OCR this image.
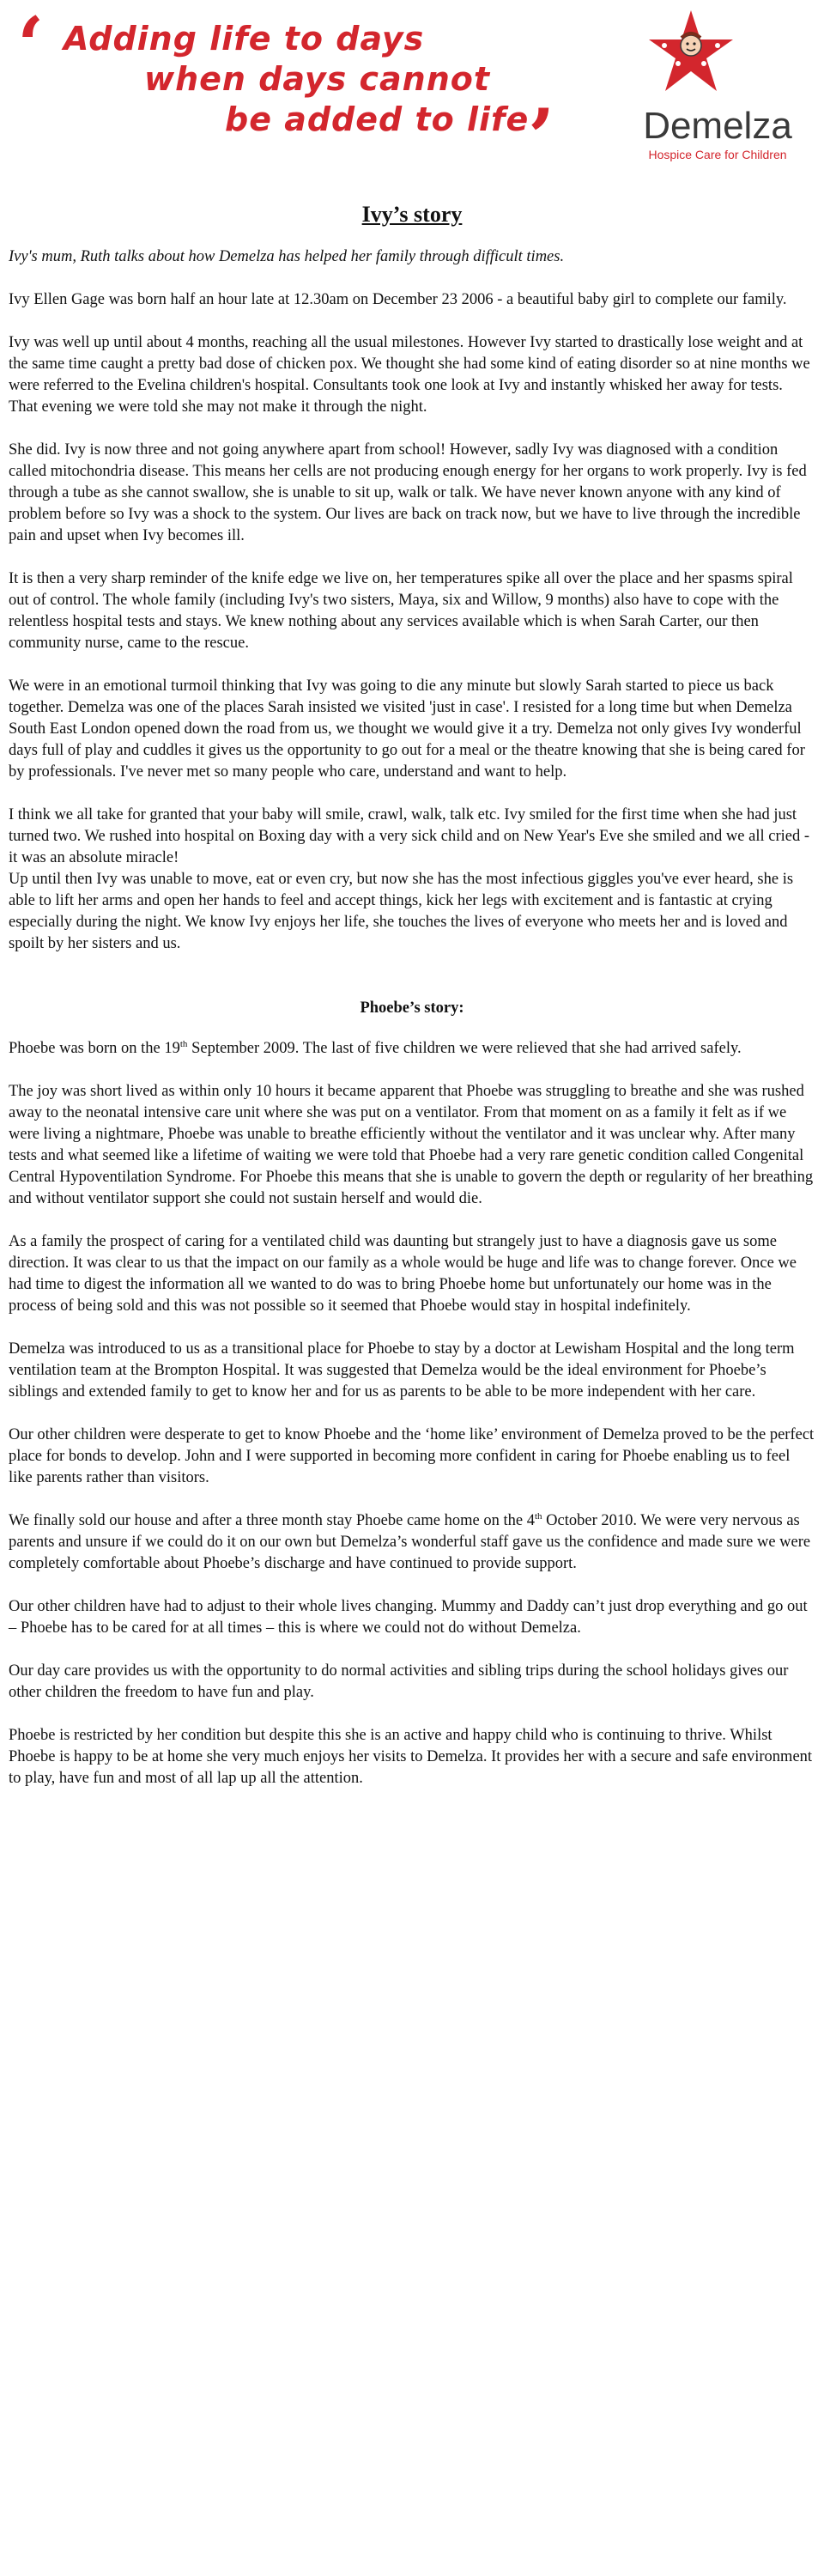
‘ Adding life to days
when days cannot
be added to life
’	Demelza
Hospice Care for Children
Ivy’s story

Ivy's mum, Ruth talks about how Demelza has helped her family through difficult times.

Ivy Ellen Gage was born half an hour late at 12.30am on December 23 2006 - a beautiful baby girl to complete our family.

Ivy was well up until about 4 months, reaching all the usual milestones. However Ivy started to drastically lose weight and at the same time caught a pretty bad dose of chicken pox. We thought she had some kind of eating disorder so at nine months we were referred to the Evelina children's hospital. Consultants took one look at Ivy and instantly whisked her away for tests. That evening we were told she may not make it through the night.

She did. Ivy is now three and not going anywhere apart from school! However, sadly Ivy was diagnosed with a condition called mitochondria disease. This means her cells are not producing enough energy for her organs to work properly. Ivy is fed through a tube as she cannot swallow, she is unable to sit up, walk or talk. We have never known anyone with any kind of problem before so Ivy was a shock to the system. Our lives are back on track now, but we have to live through the incredible pain and upset when Ivy becomes ill.

It is then a very sharp reminder of the knife edge we live on, her temperatures spike all over the place and her spasms spiral out of control. The whole family (including Ivy's two sisters, Maya, six and Willow, 9 months) also have to cope with the relentless hospital tests and stays. We knew nothing about any services available which is when Sarah Carter, our then community nurse, came to the rescue.

We were in an emotional turmoil thinking that Ivy was going to die any minute but slowly Sarah started to piece us back together. Demelza was one of the places Sarah insisted we visited 'just in case'. I resisted for a long time but when Demelza South East London opened down the road from us, we thought we would give it a try. Demelza not only gives Ivy wonderful days full of play and cuddles it gives us the opportunity to go out for a meal or the theatre knowing that she is being cared for by professionals. I've never met so many people who care, understand and want to help.

I think we all take for granted that your baby will smile, crawl, walk, talk etc. Ivy smiled for the first time when she had just turned two. We rushed into hospital on Boxing day with a very sick child and on New Year's Eve she smiled and we all cried - it was an absolute miracle!

Up until then Ivy was unable to move, eat or even cry, but now she has the most infectious giggles you've ever heard, she is able to lift her arms and open her hands to feel and accept things, kick her legs with excitement and is fantastic at crying especially during the night. We know Ivy enjoys her life, she touches the lives of everyone who meets her and is loved and spoilt by her sisters and us.

Phoebe’s story:

Phoebe was born on the 19th September 2009. The last of five children we were relieved that she had arrived safely.

The joy was short lived as within only 10 hours it became apparent that Phoebe was struggling to breathe and she was rushed away to the neonatal intensive care unit where she was put on a ventilator. From that moment on as a family it felt as if we were living a nightmare, Phoebe was unable to breathe efficiently without the ventilator and it was unclear why. After many tests and what seemed like a lifetime of waiting we were told that Phoebe had a very rare genetic condition called Congenital Central Hypoventilation Syndrome. For Phoebe this means that she is unable to govern the depth or regularity of her breathing and without ventilator support she could not sustain herself and would die.

As a family the prospect of caring for a ventilated child was daunting but strangely just to have a diagnosis gave us some direction. It was clear to us that the impact on our family as a whole would be huge and life was to change forever. Once we had time to digest the information all we wanted to do was to bring Phoebe home but unfortunately our home was in the process of being sold and this was not possible so it seemed that Phoebe would stay in hospital indefinitely.

Demelza was introduced to us as a transitional place for Phoebe to stay by a doctor at Lewisham Hospital and the long term ventilation team at the Brompton Hospital. It was suggested that Demelza would be the ideal environment for Phoebe’s siblings and extended family to get to know her and for us as parents to be able to be more independent with her care.

Our other children were desperate to get to know Phoebe and the ‘home like’ environment of Demelza proved to be the perfect place for bonds to develop. John and I were supported in becoming more confident in caring for Phoebe enabling us to feel like parents rather than visitors.

We finally sold our house and after a three month stay Phoebe came home on the 4th October 2010. We were very nervous as parents and unsure if we could do it on our own but Demelza’s wonderful staff gave us the confidence and made sure we were completely comfortable about Phoebe’s discharge and have continued to provide support.

Our other children have had to adjust to their whole lives changing. Mummy and Daddy can’t just drop everything and go out – Phoebe has to be cared for at all times – this is where we could not do without Demelza.

Our day care provides us with the opportunity to do normal activities and sibling trips during the school holidays gives our other children the freedom to have fun and play.

Phoebe is restricted by her condition but despite this she is an active and happy child who is continuing to thrive. Whilst Phoebe is happy to be at home she very much enjoys her visits to Demelza. It provides her with a secure and safe environment to play, have fun and most of all lap up all the attention.
